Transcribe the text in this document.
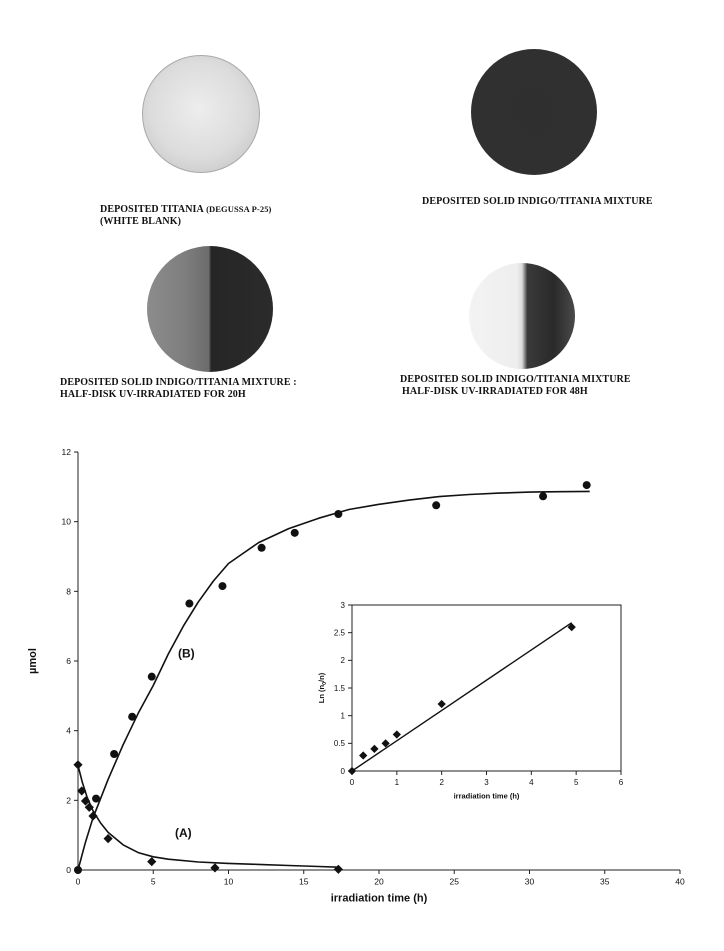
DEPOSITED TITANIA (DEGUSSA P-25)
(WHITE BLANK)
DEPOSITED SOLID INDIGO/TITANIA MIXTURE
DEPOSITED SOLID INDIGO/TITANIA MIXTURE :
HALF-DISK UV-IRRADIATED FOR 20H
DEPOSITED SOLID INDIGO/TITANIA MIXTURE
HALF-DISK UV-IRRADIATED FOR 48H
0	5	10	15	20	25	30	35	40
0
2
4
6
8
10
12
irradiation time (h)
µmol	(B)
(A)
0	1	2	3	4	5	6
0
0.5
1
1.5
2
2.5
3
irradiation time (h)
Ln $(n_0/n)$
